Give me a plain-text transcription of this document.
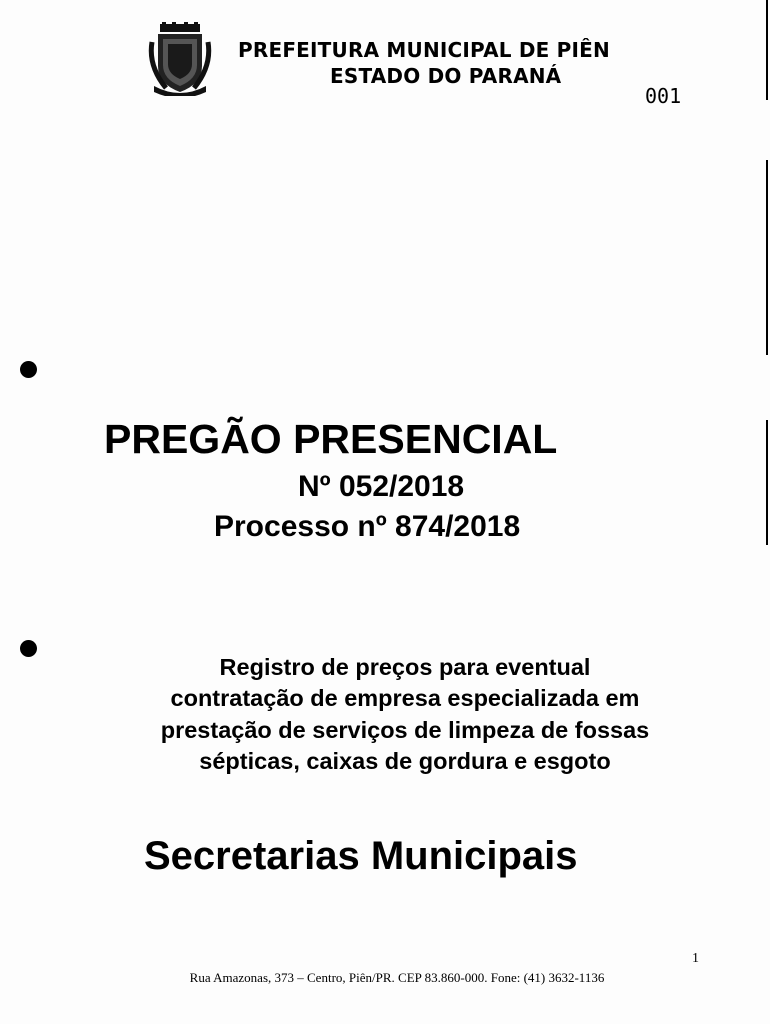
PREFEITURA MUNICIPAL DE PIÊN
ESTADO DO PARANÁ
001
PREGÃO PRESENCIAL
Nº 052/2018
Processo nº 874/2018
Registro de preços para eventual
contratação de empresa especializada em
prestação de serviços de limpeza de fossas
sépticas, caixas de gordura e esgoto
Secretarias Municipais
1
Rua Amazonas, 373 – Centro, Piên/PR. CEP 83.860-000. Fone: (41) 3632-1136
